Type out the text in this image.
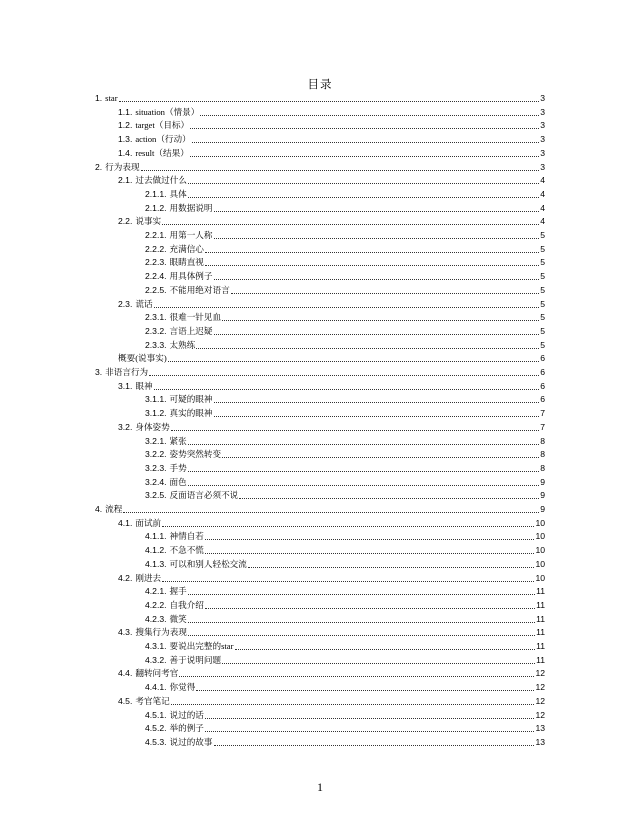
目录
1. star	3
1.1. situation（情景）	3
1.2. target（目标）	3
1.3. action（行动）	3
1.4. result（结果）	3
2. 行为表现	3
2.1. 过去做过什么	4
2.1.1. 具体	4
2.1.2. 用数据说明	4
2.2. 说事实	4
2.2.1. 用第一人称	5
2.2.2. 充满信心	5
2.2.3. 眼睛直视	5
2.2.4. 用具体例子	5
2.2.5. 不能用绝对语言	5
2.3. 谎话	5
2.3.1. 很难一针见血	5
2.3.2. 言语上迟疑	5
2.3.3. 太熟练	5
概要(说事实)	6
3. 非语言行为	6
3.1. 眼神	6
3.1.1. 可疑的眼神	6
3.1.2. 真实的眼神	7
3.2. 身体姿势	7
3.2.1. 紧张	8
3.2.2. 姿势突然转变	8
3.2.3. 手势	8
3.2.4. 面色	9
3.2.5. 反面语言必须不说	9
4. 流程	9
4.1. 面试前	10
4.1.1. 神情自若	10
4.1.2. 不急不慌	10
4.1.3. 可以和别人轻松交流	10
4.2. 刚进去	10
4.2.1. 握手	11
4.2.2. 自我介绍	11
4.2.3. 微笑	11
4.3. 搜集行为表现	11
4.3.1. 要说出完整的star	11
4.3.2. 善于说明问题	11
4.4. 翻转问考官	12
4.4.1. 你觉得	12
4.5. 考官笔记	12
4.5.1. 说过的话	12
4.5.2. 举的例子	13
4.5.3. 说过的故事	13
1
